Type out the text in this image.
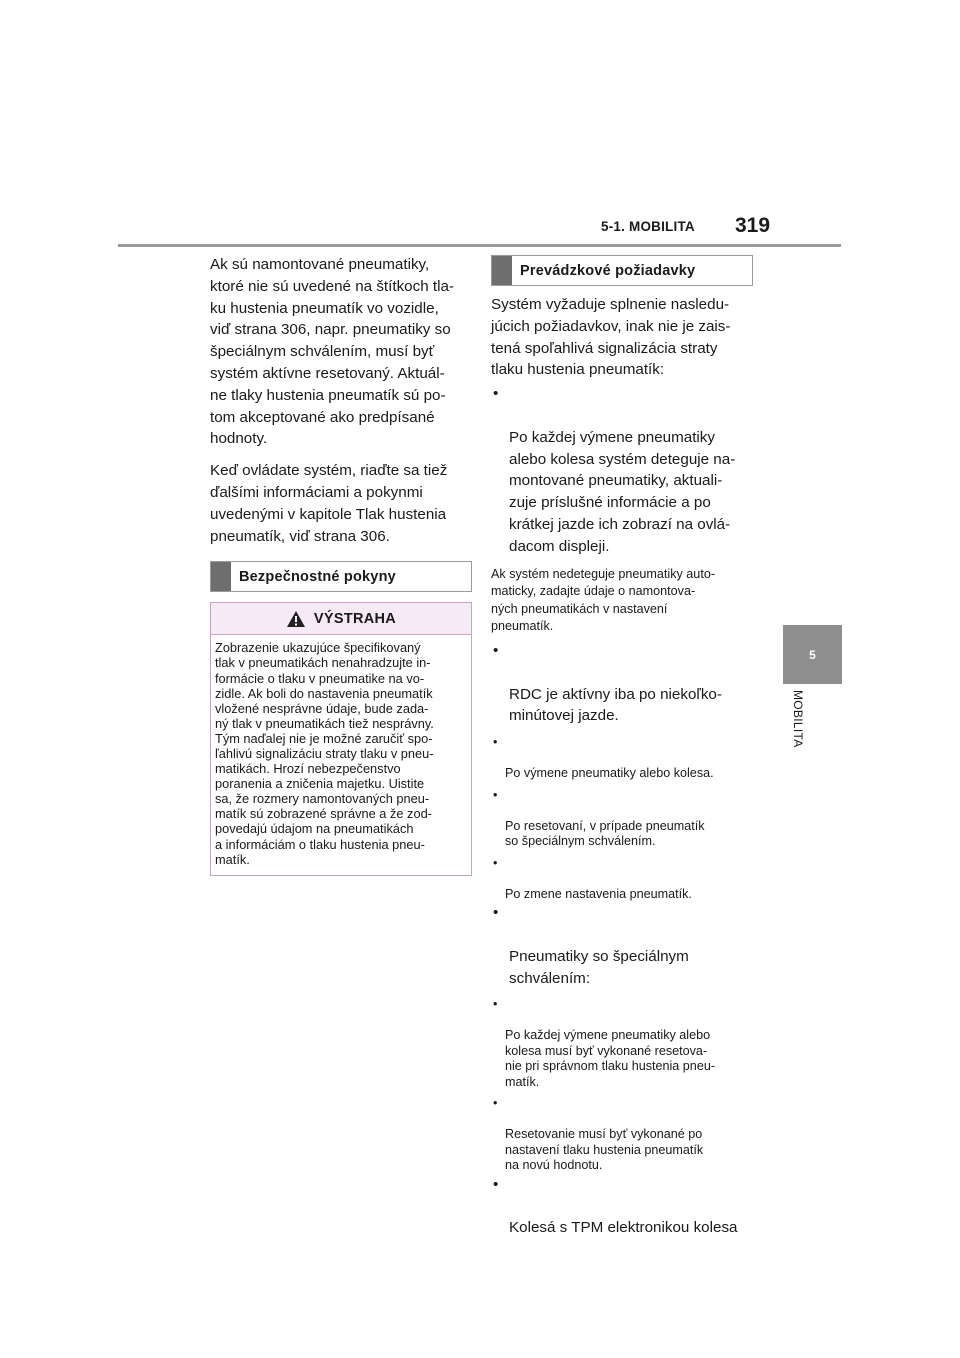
5-1. MOBILITA 319
5
MOBILITA

Ak sú namontované pneumatiky,
ktoré nie sú uvedené na štítkoch tla-
ku hustenia pneumatík vo vozidle,
viď strana 306, napr. pneumatiky so
špeciálnym schválením, musí byť
systém aktívne resetovaný. Aktuál-
ne tlaky hustenia pneumatík sú po-
tom akceptované ako predpísané
hodnoty.

Keď ovládate systém, riaďte sa tiež
ďalšími informáciami a pokynmi
uvedenými v kapitole Tlak hustenia
pneumatík, viď strana 306.

Bezpečnostné pokyny
VÝSTRAHA
Zobrazenie ukazujúce špecifikovaný
tlak v pneumatikách nenahradzujte in-
formácie o tlaku v pneumatike na vo-
zidle. Ak boli do nastavenia pneumatík
vložené nesprávne údaje, bude zada-
ný tlak v pneumatikách tiež nesprávny.
Tým naďalej nie je možné zaručiť spo-
ľahlivú signalizáciu straty tlaku v pneu-
matikách. Hrozí nebezpečenstvo
poranenia a zničenia majetku. Uistite
sa, že rozmery namontovaných pneu-
matík sú zobrazené správne a že zod-
povedajú údajom na pneumatikách
a informáciám o tlaku hustenia pneu-
matík.
Prevádzkové požiadavky

Systém vyžaduje splnenie nasledu-
júcich požiadavkov, inak nie je zais-
tená spoľahlivá signalizácia straty
tlaku hustenia pneumatík:

•

Po každej výmene pneumatiky
alebo kolesa systém deteguje na-
montované pneumatiky, aktuali-
zuje príslušné informácie a po
krátkej jazde ich zobrazí na ovlá-
dacom displeji.

Ak systém nedeteguje pneumatiky auto-
maticky, zadajte údaje o namontova-
ných pneumatikách v nastavení
pneumatík.

•

RDC je aktívny iba po niekoľko-
minútovej jazde.

•

Po výmene pneumatiky alebo kolesa.

•

Po resetovaní, v prípade pneumatík
so špeciálnym schválením.

•

Po zmene nastavenia pneumatík.

•

Pneumatiky so špeciálnym
schválením:

•

Po každej výmene pneumatiky alebo
kolesa musí byť vykonané resetova-
nie pri správnom tlaku hustenia pneu-
matík.

•

Resetovanie musí byť vykonané po
nastavení tlaku hustenia pneumatík
na novú hodnotu.

•

Kolesá s TPM elektronikou kolesa
